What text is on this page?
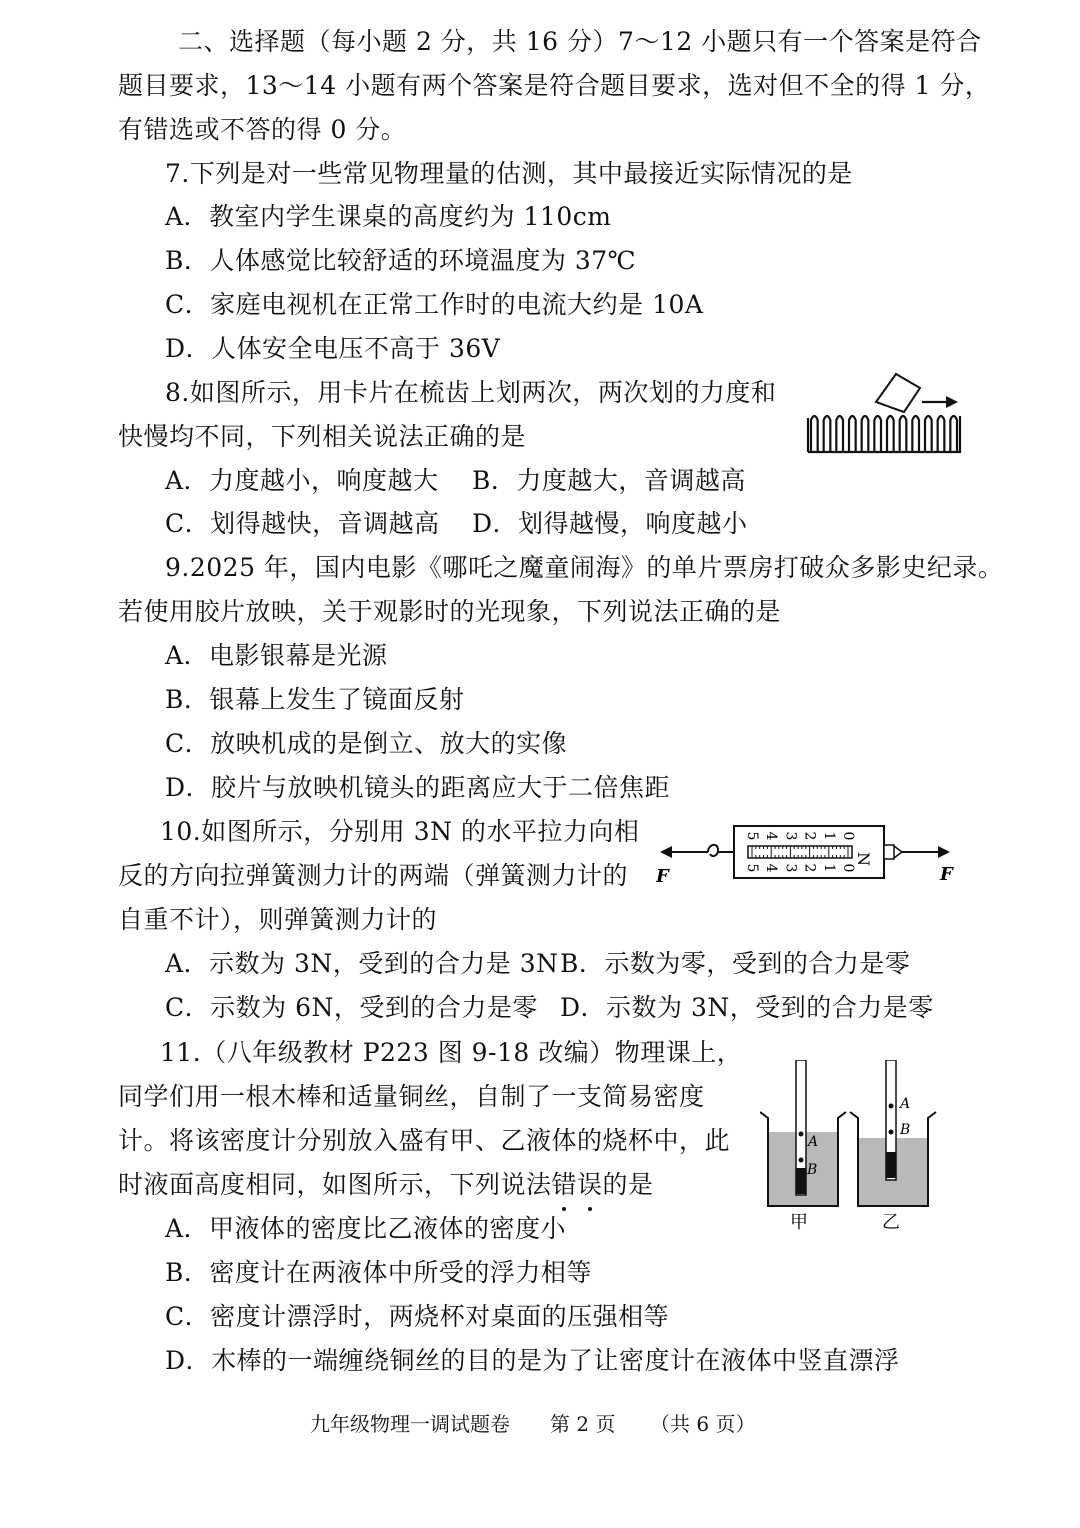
二、选择题（每小题 2 分，共 16 分）7～12 小题只有一个答案是符合
题目要求，13～14 小题有两个答案是符合题目要求，选对但不全的得 1 分，
有错选或不答的得 0 分。
7.下列是对一些常见物理量的估测，其中最接近实际情况的是
A．教室内学生课桌的高度约为 110cm
B．人体感觉比较舒适的环境温度为 37℃
C．家庭电视机在正常工作时的电流大约是 10A
D．人体安全电压不高于 36V
8.如图所示，用卡片在梳齿上划两次，两次划的力度和
快慢均不同，下列相关说法正确的是
A．力度越小，响度越大 B．力度越大，音调越高
C．划得越快，音调越高 D．划得越慢，响度越小
9.2025 年，国内电影《哪吒之魔童闹海》的单片票房打破众多影史纪录。
若使用胶片放映，关于观影时的光现象，下列说法正确的是
A．电影银幕是光源
B．银幕上发生了镜面反射
C．放映机成的是倒立、放大的实像
D．胶片与放映机镜头的距离应大于二倍焦距
10.如图所示，分别用 3N 的水平拉力向相
反的方向拉弹簧测力计的两端（弹簧测力计的
自重不计），则弹簧测力计的
A．示数为 3N，受到的合力是 3N B．示数为零，受到的合力是零
C．示数为 6N，受到的合力是零 D．示数为 3N，受到的合力是零
5 4 3 2 1 0
5 4 3 2 1 0
N
F	F
11.（八年级教材 P223 图 9-18 改编）物理课上，
同学们用一根木棒和适量铜丝，自制了一支简易密度
计。将该密度计分别放入盛有甲、乙液体的烧杯中，此
时液面高度相同，如图所示，下列说法错误的是
A．甲液体的密度比乙液体的密度小
B．密度计在两液体中所受的浮力相等
C．密度计漂浮时，两烧杯对桌面的压强相等
D．木棒的一端缠绕铜丝的目的是为了让密度计在液体中竖直漂浮
A
B
A
B
甲	乙
九年级物理一调试题卷 第 2 页 （共 6 页）
